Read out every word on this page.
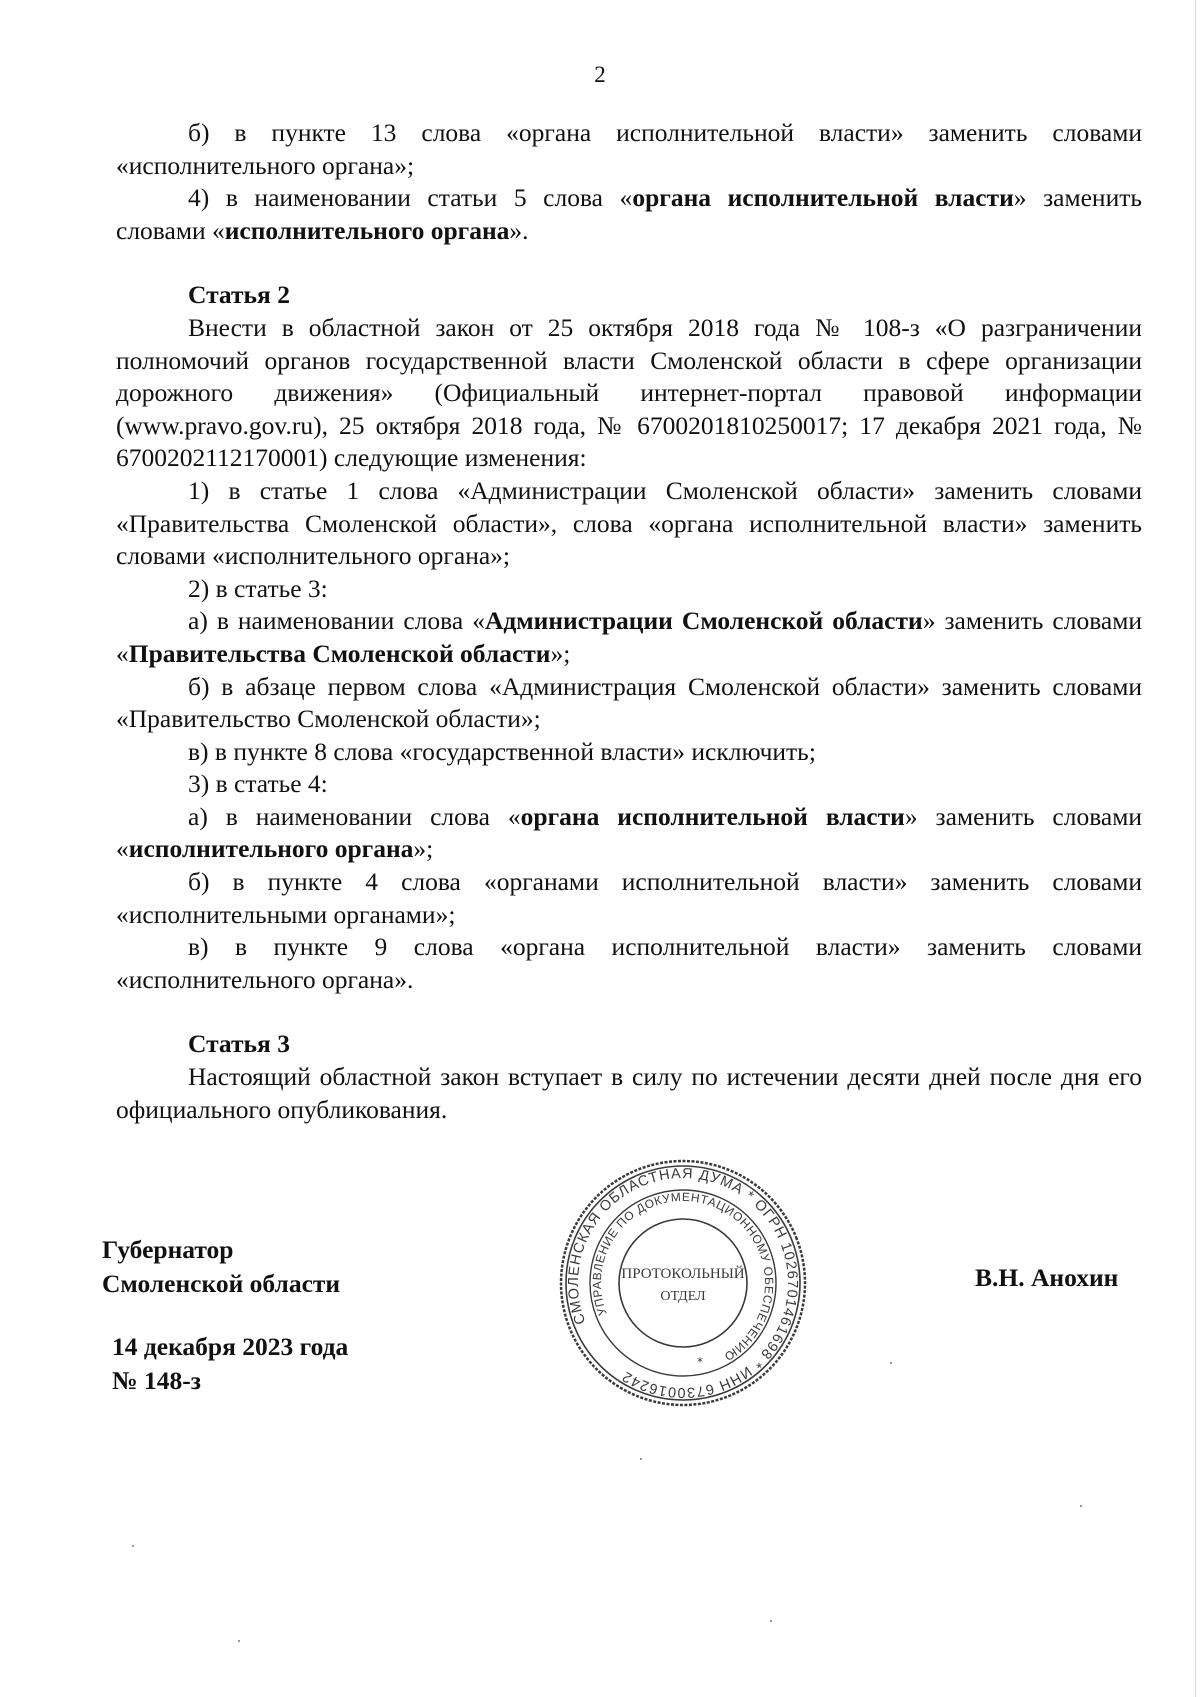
2

б) в пункте 13 слова «органа исполнительной власти» заменить словами «исполнительного органа»;

4) в наименовании статьи 5 слова «органа исполнительной власти» заменить словами «исполнительного органа».

Статья 2

Внести в областной закон от 25 октября 2018 года № 108-з «О разграничении полномочий органов государственной власти Смоленской области в сфере организации дорожного движения» (Официальный интернет-портал правовой информации (www.pravo.gov.ru), 25 октября 2018 года, № 6700201810250017; 17 декабря 2021 года, № 6700202112170001) следующие изменения:

1) в статье 1 слова «Администрации Смоленской области» заменить словами «Правительства Смоленской области», слова «органа исполнительной власти» заменить словами «исполнительного органа»;

2) в статье 3:

а) в наименовании слова «Администрации Смоленской области» заменить словами «Правительства Смоленской области»;

б) в абзаце первом слова «Администрация Смоленской области» заменить словами «Правительство Смоленской области»;

в) в пункте 8 слова «государственной власти» исключить;

3) в статье 4:

а) в наименовании слова «органа исполнительной власти» заменить словами «исполнительного органа»;

б) в пункте 4 слова «органами исполнительной власти» заменить словами «исполнительными органами»;

в) в пункте 9 слова «органа исполнительной власти» заменить словами «исполнительного органа».

Статья 3

Настоящий областной закон вступает в силу по истечении десяти дней после дня его официального опубликования.

Губернатор
Смоленской области	В.Н. Анохин
14 декабря 2023 года
№ 148-з
СМОЛЕНСКАЯ ОБЛАСТНАЯ ДУМА * ОГРН 1026701461698 * ИНН 6730016242
УПРАВЛЕНИЕ ПО ДОКУМЕНТАЦИОННОМУ ОБЕСПЕЧЕНИЮ
ПРОТОКОЛЬНЫЙ
ОТДЕЛ
*
